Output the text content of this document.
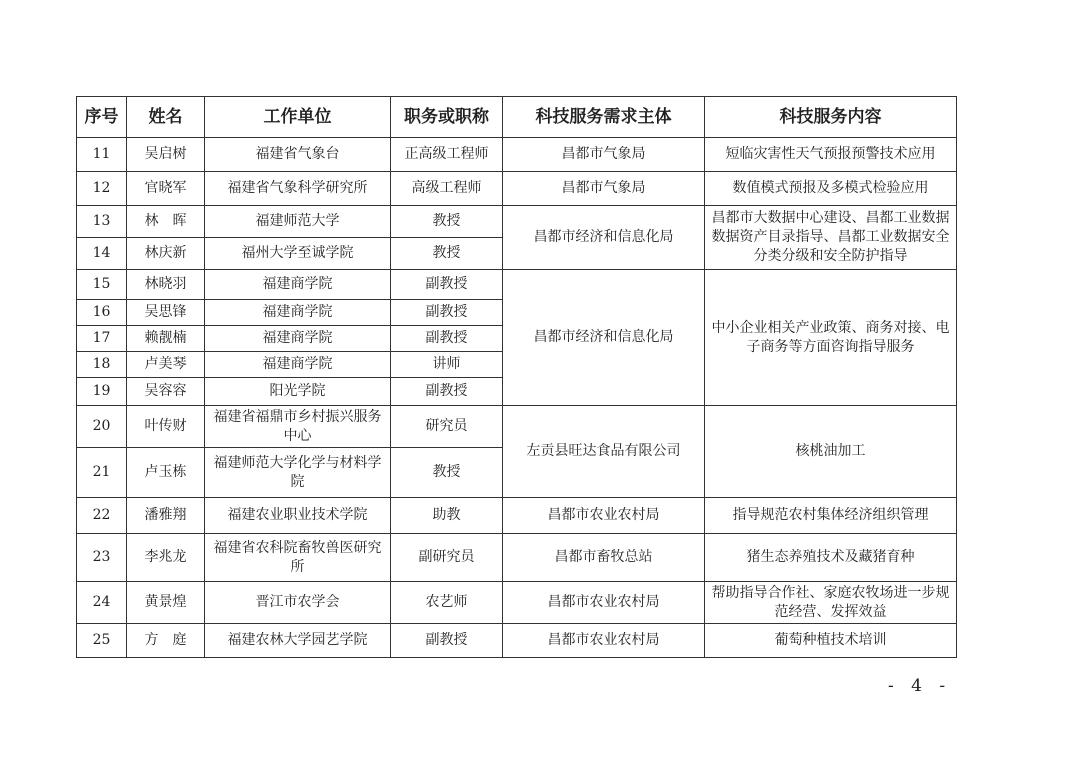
序号	姓名	工作单位	职务或职称	科技服务需求主体	科技服务内容
11	吴启树	福建省气象台	正高级工程师	昌都市气象局	短临灾害性天气预报预警技术应用
12	官晓军	福建省气象科学研究所	高级工程师	昌都市气象局	数值模式预报及多模式检验应用
13	林　晖	福建师范大学	教授	昌都市经济和信息化局	昌都市大数据中心建设、昌都工业数据数据资产目录指导、昌都工业数据安全分类分级和安全防护指导
14	林庆新	福州大学至诚学院	教授		
15	林晓羽	福建商学院	副教授	昌都市经济和信息化局	中小企业相关产业政策、商务对接、电子商务等方面咨询指导服务
16	吴思锋	福建商学院	副教授		
17	赖靓楠	福建商学院	副教授		
18	卢美琴	福建商学院	讲师		
19	吴容容	阳光学院	副教授		
20	叶传财	福建省福鼎市乡村振兴服务中心	研究员	左贡县旺达食品有限公司	核桃油加工
21	卢玉栋	福建师范大学化学与材料学院	教授		
22	潘雅翔	福建农业职业技术学院	助教	昌都市农业农村局	指导规范农村集体经济组织管理
23	李兆龙	福建省农科院畜牧兽医研究所	副研究员	昌都市畜牧总站	猪生态养殖技术及藏猪育种
24	黄景煌	晋江市农学会	农艺师	昌都市农业农村局	帮助指导合作社、家庭农牧场进一步规范经营、发挥效益
25	方　庭	福建农林大学园艺学院	副教授	昌都市农业农村局	葡萄种植技术培训
- 4 -
